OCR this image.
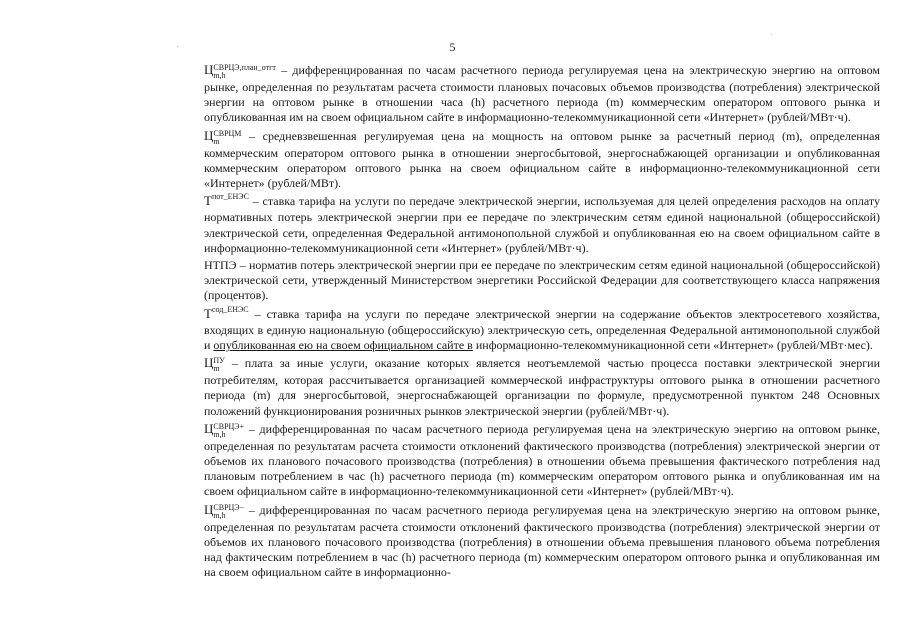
5
·
·

Ц СВРЦЭ,план_отгт
m,h	– дифференцированная по часам расчетного периода регулируемая цена на электрическую энергию на оптовом рынке, определенная по результатам расчета стоимости плановых почасовых объемов производства (потребления) электрической энергии на оптовом рынке в отношении часа (h) расчетного периода (m) коммерческим оператором оптового рынка и опубликованная им на своем официальном сайте в информационно-телекоммуникационной сети «Интернет» (рублей/МВт·ч).

Ц СВРЦМ
m	– средневзвешенная регулируемая цена на мощность на оптовом рынке за расчетный период (m), определенная коммерческим оператором оптового рынка в отношении энергосбытовой, энергоснабжающей организации и опубликованная коммерческим оператором оптового рынка на своем официальном сайте в информационно-телекоммуникационной сети «Интернет» (рублей/МВт).

$Т^{пот\_ЕНЭС}$ – ставка тарифа на услуги по передаче электрической энергии, используемая для целей определения расходов на оплату нормативных потерь электрической энергии при ее передаче по электрическим сетям единой национальной (общероссийской) электрической сети, определенная Федеральной антимонопольной службой и опубликованная ею на своем официальном сайте в информационно-телекоммуникационной сети «Интернет» (рублей/МВт·ч).

НТПЭ – норматив потерь электрической энергии при ее передаче по электрическим сетям единой национальной (общероссийской) электрической сети, утвержденный Министерством энергетики Российской Федерации для соответствующего класса напряжения (процентов).

$Т^{сод\_ЕНЭС}$ – ставка тарифа на услуги по передаче электрической энергии на содержание объектов электросетевого хозяйства, входящих в единую национальную (общероссийскую) электрическую сеть, определенная Федеральной антимонопольной службой и опубликованная ею на своем официальном сайте в информационно-телекоммуникационной сети «Интернет» (рублей/МВт·мес).

Ц ПУ
m – плата за иные услуги, оказание которых является неотъемлемой частью процесса поставки электрической энергии потребителям, которая рассчитывается организацией коммерческой инфраструктуры оптового рынка в отношении расчетного периода (m) для энергосбытовой, энергоснабжающей организации по формуле, предусмотренной пунктом 248 Основных положений функционирования розничных рынков электрической энергии (рублей/МВт·ч).

Ц СВРЦЭ+
m,h	– дифференцированная по часам расчетного периода регулируемая цена на электрическую энергию на оптовом рынке, определенная по результатам расчета стоимости отклонений фактического производства (потребления) электрической энергии от объемов их планового почасового производства (потребления) в отношении объема превышения фактического потребления над плановым потреблением в час (h) расчетного периода (m) коммерческим оператором оптового рынка и опубликованная им на своем официальном сайте в информационно-телекоммуникационной сети «Интернет» (рублей/МВт·ч).

Ц СВРЦЭ−
m,h	– дифференцированная по часам расчетного периода регулируемая цена на электрическую энергию на оптовом рынке, определенная по результатам расчета стоимости отклонений фактического производства (потребления) электрической энергии от объемов их планового почасового производства (потребления) в отношении объема превышения планового объема потребления над фактическим потреблением в час (h) расчетного периода (m) коммерческим оператором оптового рынка и опубликованная им на своем официальном сайте в информационно-
